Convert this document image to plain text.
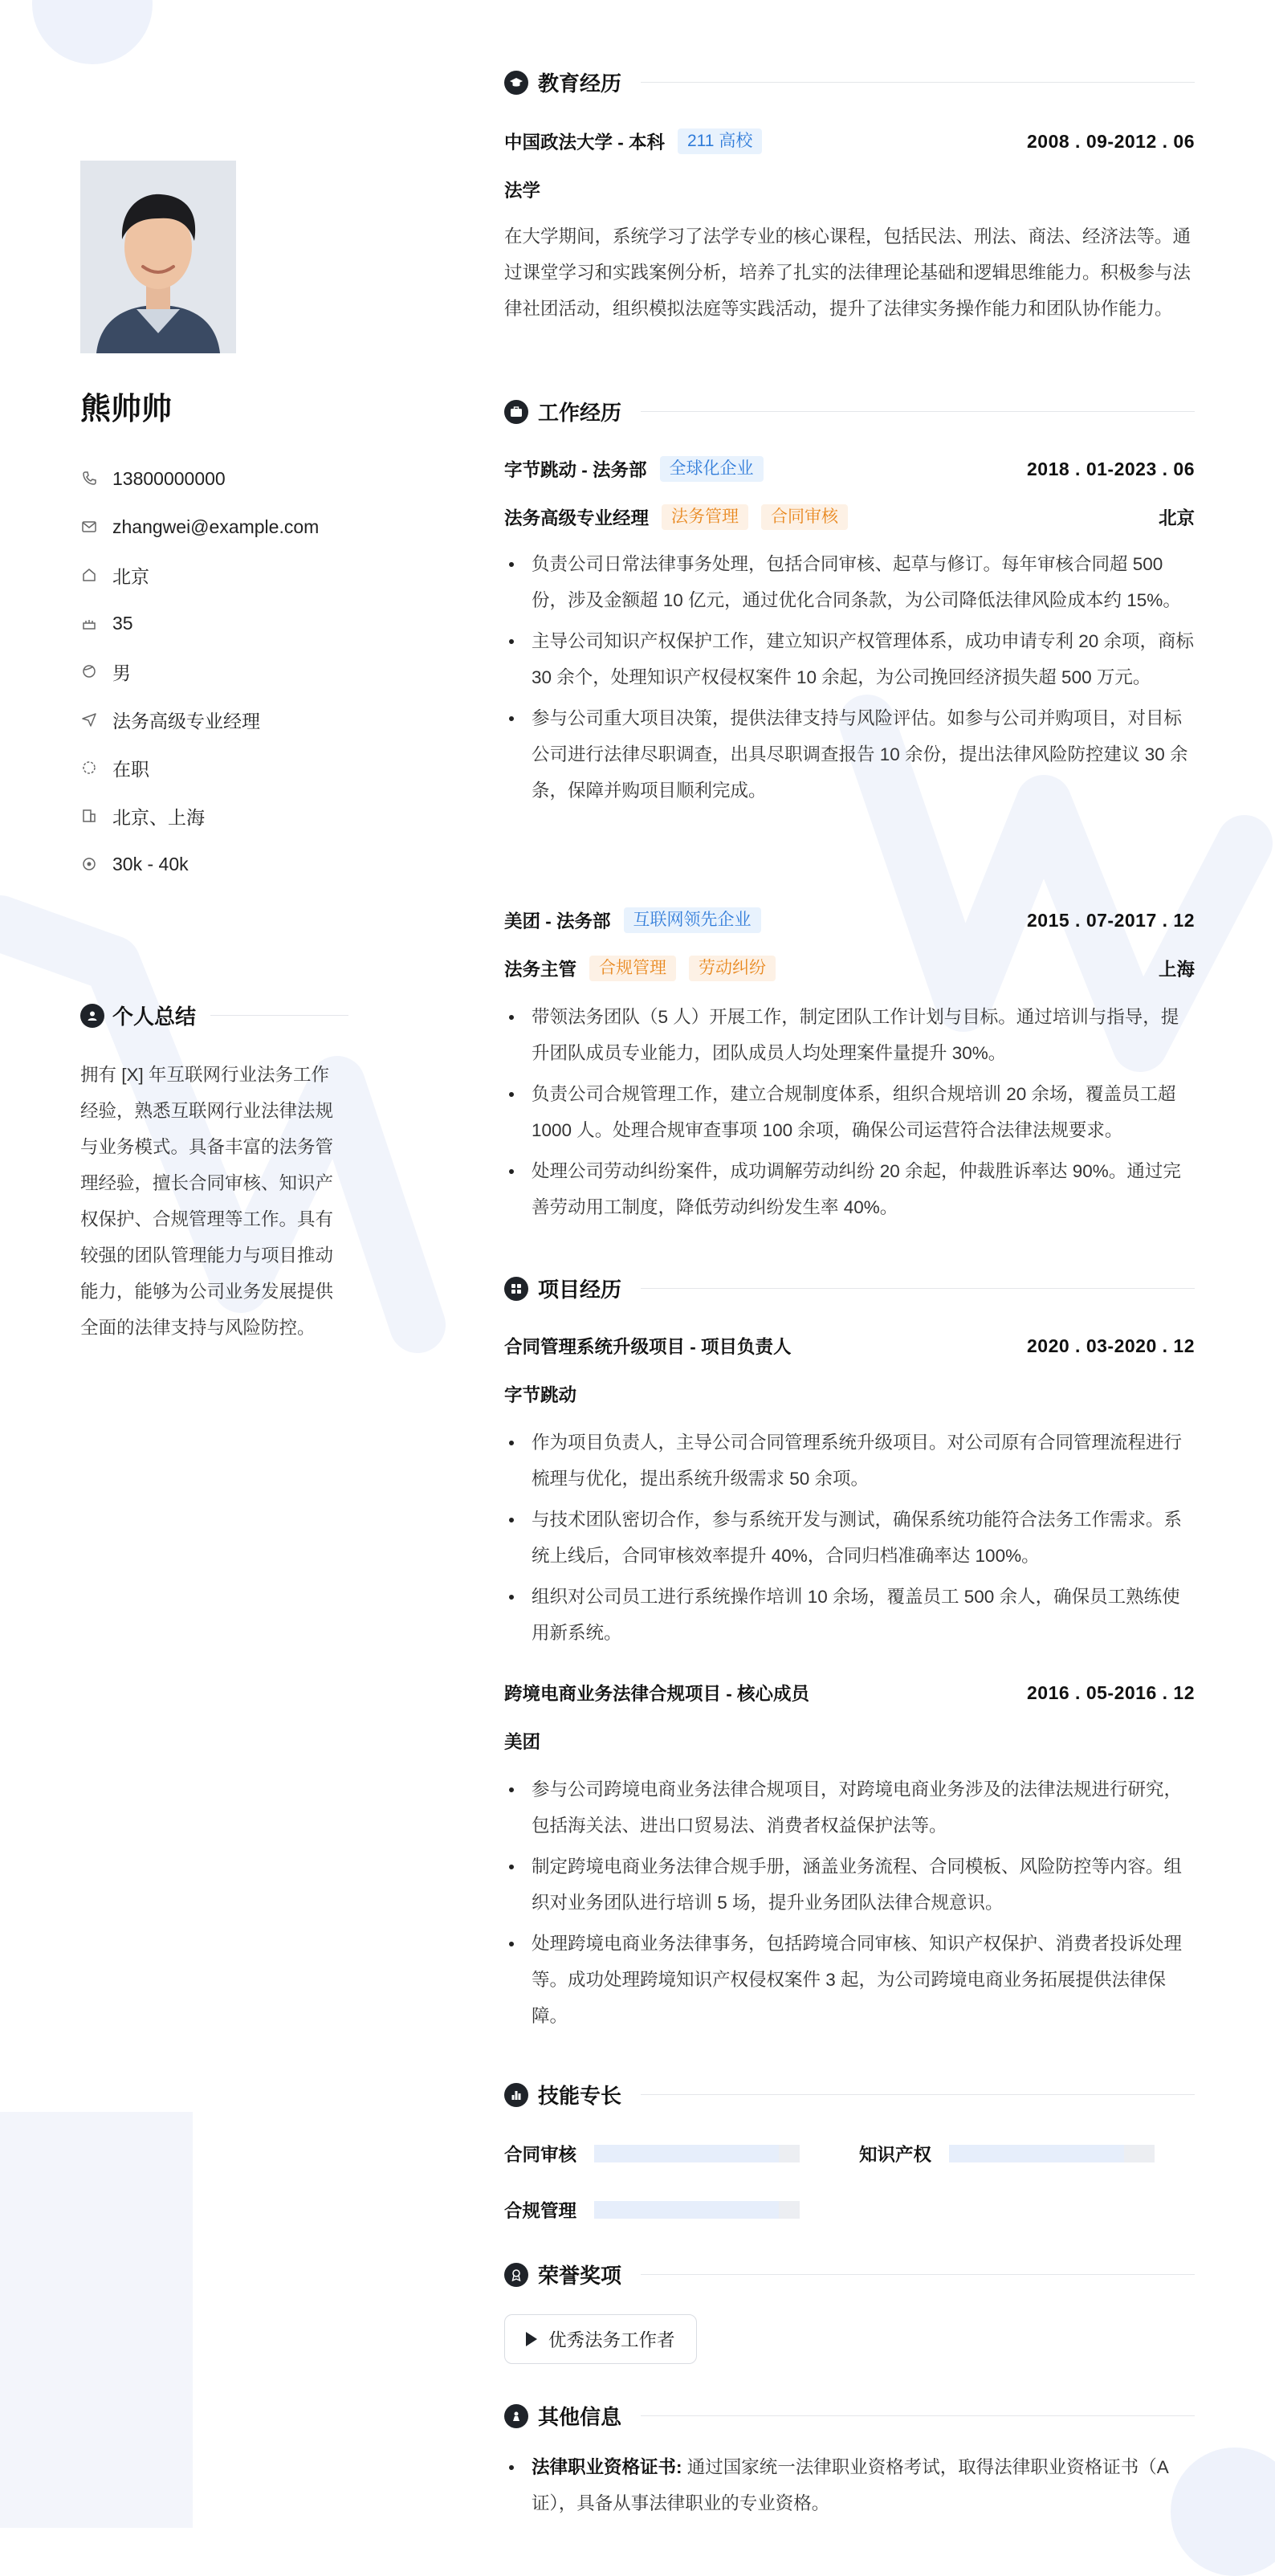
熊帅帅
13800000000
zhangwei@example.com
北京
35
男
法务高级专业经理
在职
北京、上海
30k - 40k
个人总结
拥有 [X] 年互联网行业法务工作经验，熟悉互联网行业法律法规与业务模式。具备丰富的法务管理经验，擅长合同审核、知识产权保护、合规管理等工作。具有较强的团队管理能力与项目推动能力，能够为公司业务发展提供全面的法律支持与风险防控。
教育经历
中国政法大学 - 本科	211 高校	2008 . 09-2012 . 06
法学
在大学期间，系统学习了法学专业的核心课程，包括民法、刑法、商法、经济法等。通过课堂学习和实践案例分析，培养了扎实的法律理论基础和逻辑思维能力。积极参与法律社团活动，组织模拟法庭等实践活动，提升了法律实务操作能力和团队协作能力。
工作经历
字节跳动 - 法务部	全球化企业	2018 . 01-2023 . 06
法务高级专业经理	法务管理	合同审核	北京
负责公司日常法律事务处理，包括合同审核、起草与修订。每年审核合同超 500 份，涉及金额超 10 亿元，通过优化合同条款，为公司降低法律风险成本约 15%。
主导公司知识产权保护工作，建立知识产权管理体系，成功申请专利 20 余项，商标 30 余个，处理知识产权侵权案件 10 余起，为公司挽回经济损失超 500 万元。
参与公司重大项目决策，提供法律支持与风险评估。如参与公司并购项目，对目标公司进行法律尽职调查，出具尽职调查报告 10 余份，提出法律风险防控建议 30 余条，保障并购项目顺利完成。
美团 - 法务部	互联网领先企业	2015 . 07-2017 . 12
法务主管	合规管理	劳动纠纷	上海
带领法务团队（5 人）开展工作，制定团队工作计划与目标。通过培训与指导，提升团队成员专业能力，团队成员人均处理案件量提升 30%。
负责公司合规管理工作，建立合规制度体系，组织合规培训 20 余场，覆盖员工超 1000 人。处理合规审查事项 100 余项，确保公司运营符合法律法规要求。
处理公司劳动纠纷案件，成功调解劳动纠纷 20 余起，仲裁胜诉率达 90%。通过完善劳动用工制度，降低劳动纠纷发生率 40%。
项目经历
合同管理系统升级项目 - 项目负责人	2020 . 03-2020 . 12
字节跳动
作为项目负责人，主导公司合同管理系统升级项目。对公司原有合同管理流程进行梳理与优化，提出系统升级需求 50 余项。
与技术团队密切合作，参与系统开发与测试，确保系统功能符合法务工作需求。系统上线后，合同审核效率提升 40%，合同归档准确率达 100%。
组织对公司员工进行系统操作培训 10 余场，覆盖员工 500 余人，确保员工熟练使用新系统。
跨境电商业务法律合规项目 - 核心成员	2016 . 05-2016 . 12
美团
参与公司跨境电商业务法律合规项目，对跨境电商业务涉及的法律法规进行研究，包括海关法、进出口贸易法、消费者权益保护法等。
制定跨境电商业务法律合规手册，涵盖业务流程、合同模板、风险防控等内容。组织对业务团队进行培训 5 场，提升业务团队法律合规意识。
处理跨境电商业务法律事务，包括跨境合同审核、知识产权保护、消费者投诉处理等。成功处理跨境知识产权侵权案件 3 起，为公司跨境电商业务拓展提供法律保障。
技能专长
合同审核	知识产权
合规管理
荣誉奖项
优秀法务工作者
其他信息
法律职业资格证书: 通过国家统一法律职业资格考试，取得法律职业资格证书（A 证），具备从事法律职业的专业资格。
